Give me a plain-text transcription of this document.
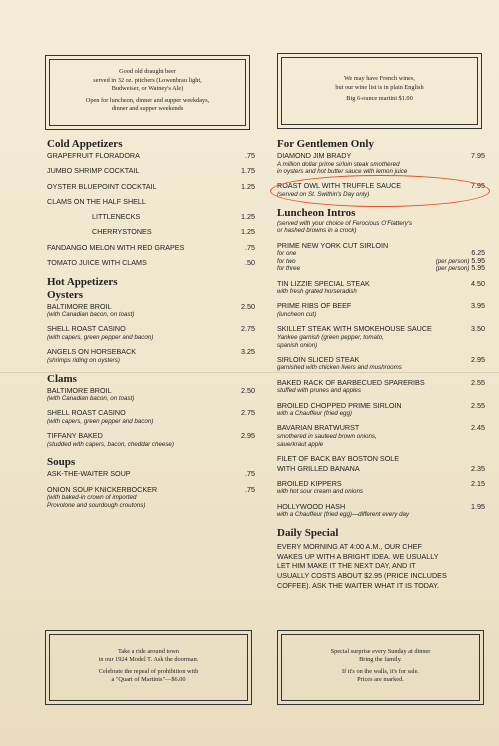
Good old draught beer
served in 32 oz. pitchers (Lowenbrau light,
Budweiser, or Watney's Ale)

Open for luncheon, dinner and supper weekdays,
dinner and supper weekends

We may have French wines,
but our wine list is in plain English

Big 6-ounce martini $1.00

Cold Appetizers
GRAPEFRUIT FLORADORA	.75
JUMBO SHRIMP COCKTAIL	1.75
OYSTER BLUEPOINT COCKTAIL	1.25
CLAMS ON THE HALF SHELL
LITTLENECKS	1.25
CHERRYSTONES	1.25
FANDANGO MELON WITH RED GRAPES	.75
TOMATO JUICE WITH CLAMS	.50
Hot Appetizers
Oysters
BALTIMORE BROIL	2.50
(with Canadian bacon, on toast)
SHELL ROAST CASINO	2.75
(with capers, green pepper and bacon)
ANGELS ON HORSEBACK	3.25
(shrimps riding on oysters)
Clams
BALTIMORE BROIL	2.50
(with Canadian bacon, on toast)
SHELL ROAST CASINO	2.75
(with capers, green pepper and bacon)
TIFFANY BAKED	2.95
(studded with capers, bacon, cheddar cheese)
Soups
ASK-THE-WAITER SOUP	.75
ONION SOUP KNICKERBOCKER	.75
(with baked-in crown of imported
Provolone and sourdough croutons)
For Gentlemen Only
DIAMOND JIM BRADY	7.95
A million dollar prime sirloin steak smothered
in oysters and hot butter sauce with lemon juice
ROAST OWL WITH TRUFFLE SAUCE	7.95
(served on St. Swithin's Day only)
Luncheon Intros
(served with your choice of Ferocious O'Flattery's
or hashed browns in a crock)
PRIME NEW YORK CUT SIRLOIN
for one	6.25
for two	(per person) 5.95
for three	(per person) 5.95
TIN LIZZIE SPECIAL STEAK	4.50
with fresh grated horseradish
PRIME RIBS OF BEEF	3.95
(luncheon cut)
SKILLET STEAK WITH SMOKEHOUSE SAUCE	3.50
Yankee garnish (green pepper, tomato,
spanish onion)
SIRLOIN SLICED STEAK	2.95
garnished with chicken livers and mushrooms
BAKED RACK OF BARBECUED SPARERIBS	2.55
stuffed with prunes and apples
BROILED CHOPPED PRIME SIRLOIN	2.55
with a Chauffeur (fried egg)
BAVARIAN BRATWURST	2.45
smothered in sauteed brown onions,
sauerkraut apple
FILET OF BACK BAY BOSTON SOLE
WITH GRILLED BANANA	2.35
BROILED KIPPERS	2.15
with hot sour cream and onions
HOLLYWOOD HASH	1.95
with a Chauffeur (fried egg)—different every day
Daily Special
EVERY MORNING AT 4:00 A.M., OUR CHEF
WAKES UP WITH A BRIGHT IDEA. WE USUALLY
LET HIM MAKE IT THE NEXT DAY, AND IT
USUALLY COSTS ABOUT $2.95 (PRICE INCLUDES
COFFEE). ASK THE WAITER WHAT IT IS TODAY.

Take a ride around town
in our 1924 Model T. Ask the doorman.

Celebrate the repeal of prohibition with
a "Quart of Martinis"—$6.00

Special surprise every Sunday at dinner
Bring the family.

If it's on the walls, it's for sale.
Prices are marked.
